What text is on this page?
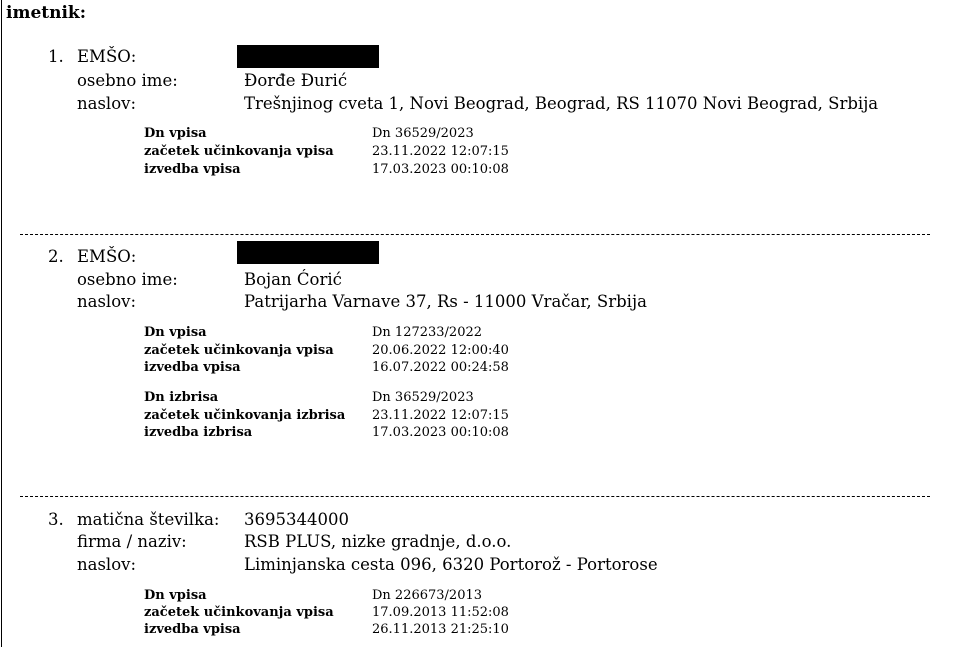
imetnik:
1. EMŠO:
osebno ime:	Đorđe Đurić
naslov:	Trešnjinog cveta 1, Novi Beograd, Beograd, RS 11070 Novi Beograd, Srbija
Dn vpisa	Dn 36529/2023
začetek učinkovanja vpisa	23.11.2022 12:07:15
izvedba vpisa	17.03.2023 00:10:08
2. EMŠO:
osebno ime:	Bojan Ćorić
naslov:	Patrijarha Varnave 37, Rs - 11000 Vračar, Srbija
Dn vpisa	Dn 127233/2022
začetek učinkovanja vpisa	20.06.2022 12:00:40
izvedba vpisa	16.07.2022 00:24:58
Dn izbrisa	Dn 36529/2023
začetek učinkovanja izbrisa 23.11.2022 12:07:15
izvedba izbrisa	17.03.2023 00:10:08
3. matična številka: 3695344000
firma / naziv:	RSB PLUS, nizke gradnje, d.o.o.
naslov:	Liminjanska cesta 096, 6320 Portorož - Portorose
Dn vpisa	Dn 226673/2013
začetek učinkovanja vpisa	17.09.2013 11:52:08
izvedba vpisa	26.11.2013 21:25:10
